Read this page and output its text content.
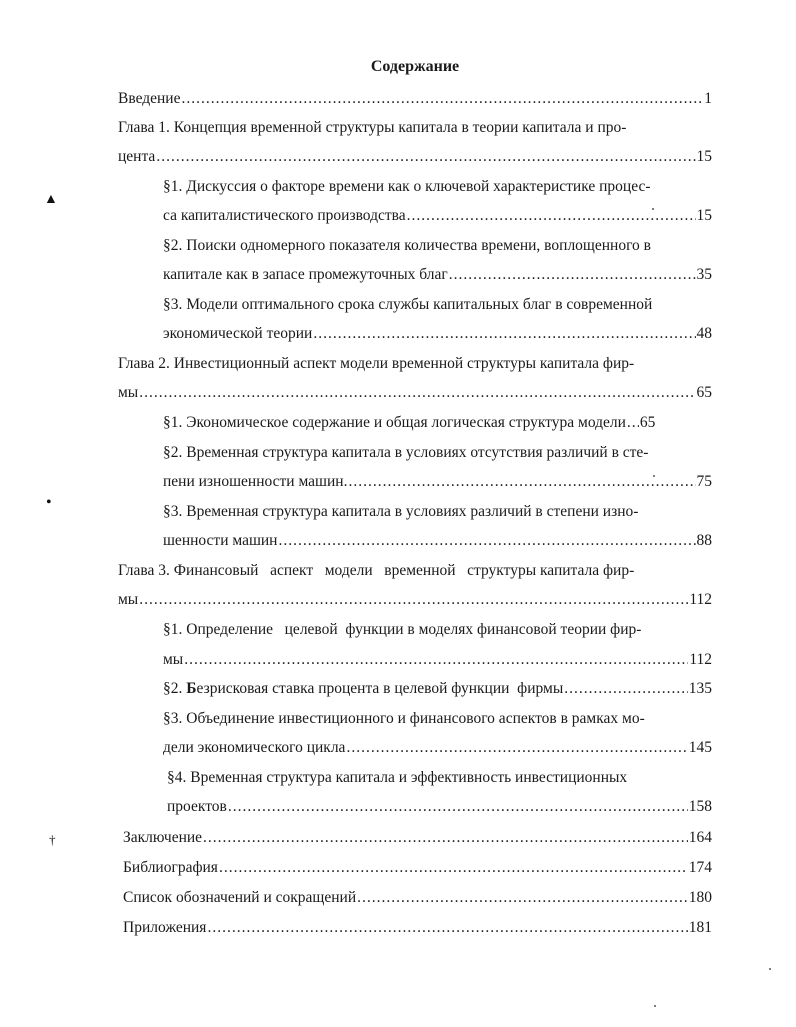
Содержание
Введение .....	1
Глава 1. Концепция временной структуры капитала в теории капитала и про-
цента .....	15
§1. Дискуссия о факторе времени как о ключевой характеристике процес-
са капиталистического производства .....	15
§2. Поиски одномерного показателя количества времени, воплощенного в
капитале как в запасе промежуточных благ .....	35
§3. Модели оптимального срока службы капитальных благ в современной
экономической теории .....	48
Глава 2. Инвестиционный аспект модели временной структуры капитала фир-
мы .....	65
§1. Экономическое содержание и общая логическая структура модели ..... 65
§2. Временная структура капитала в условиях отсутствия различий в сте-
пени изношенности машин. .....	75
§3. Временная структура капитала в условиях различий в степени изно-
шенности машин .....	88
Глава 3. Финансовый   аспект   модели   временной   структуры капитала фир-
мы .....	112
§1. Определение   целевой  функции в моделях финансовой теории фир-
мы .....	112
§2. Безрисковая ставка процента в целевой функции  фирмы .....	135
§3. Объединение инвестиционного и финансового аспектов в рамках мо-
дели экономического цикла .....	145
§4. Временная структура капитала и эффективность инвестиционных
проектов .....	158
Заключение .....	164
Библиография .....	174
Список обозначений и сокращений .....	180
Приложения .....	181
▲
•
†
